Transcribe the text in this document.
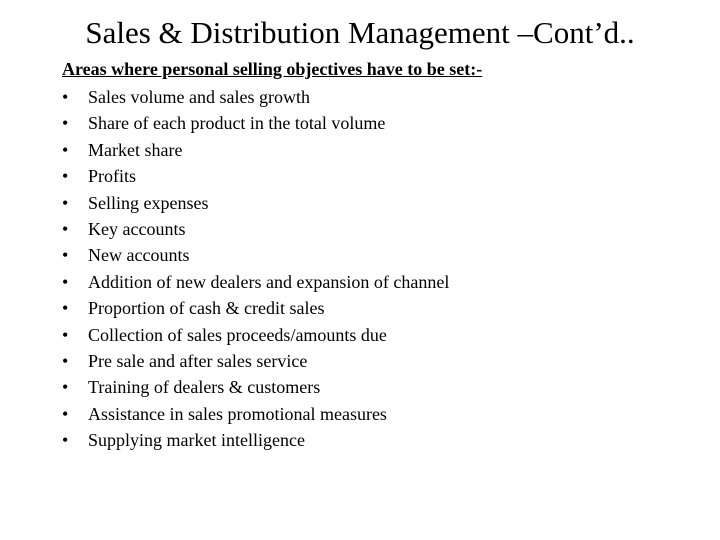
Sales & Distribution Management –Cont’d..

Areas where personal selling objectives have to be set:-

•	Sales volume and sales growth
•	Share of each product in the total volume
•	Market share
•	Profits
•	Selling expenses
•	Key accounts
•	New accounts
•	Addition of new dealers and expansion of channel
•	Proportion of cash & credit sales
•	Collection of sales proceeds/amounts due
•	Pre sale and after sales service
•	Training of dealers & customers
•	Assistance in sales promotional measures
•	Supplying market intelligence
